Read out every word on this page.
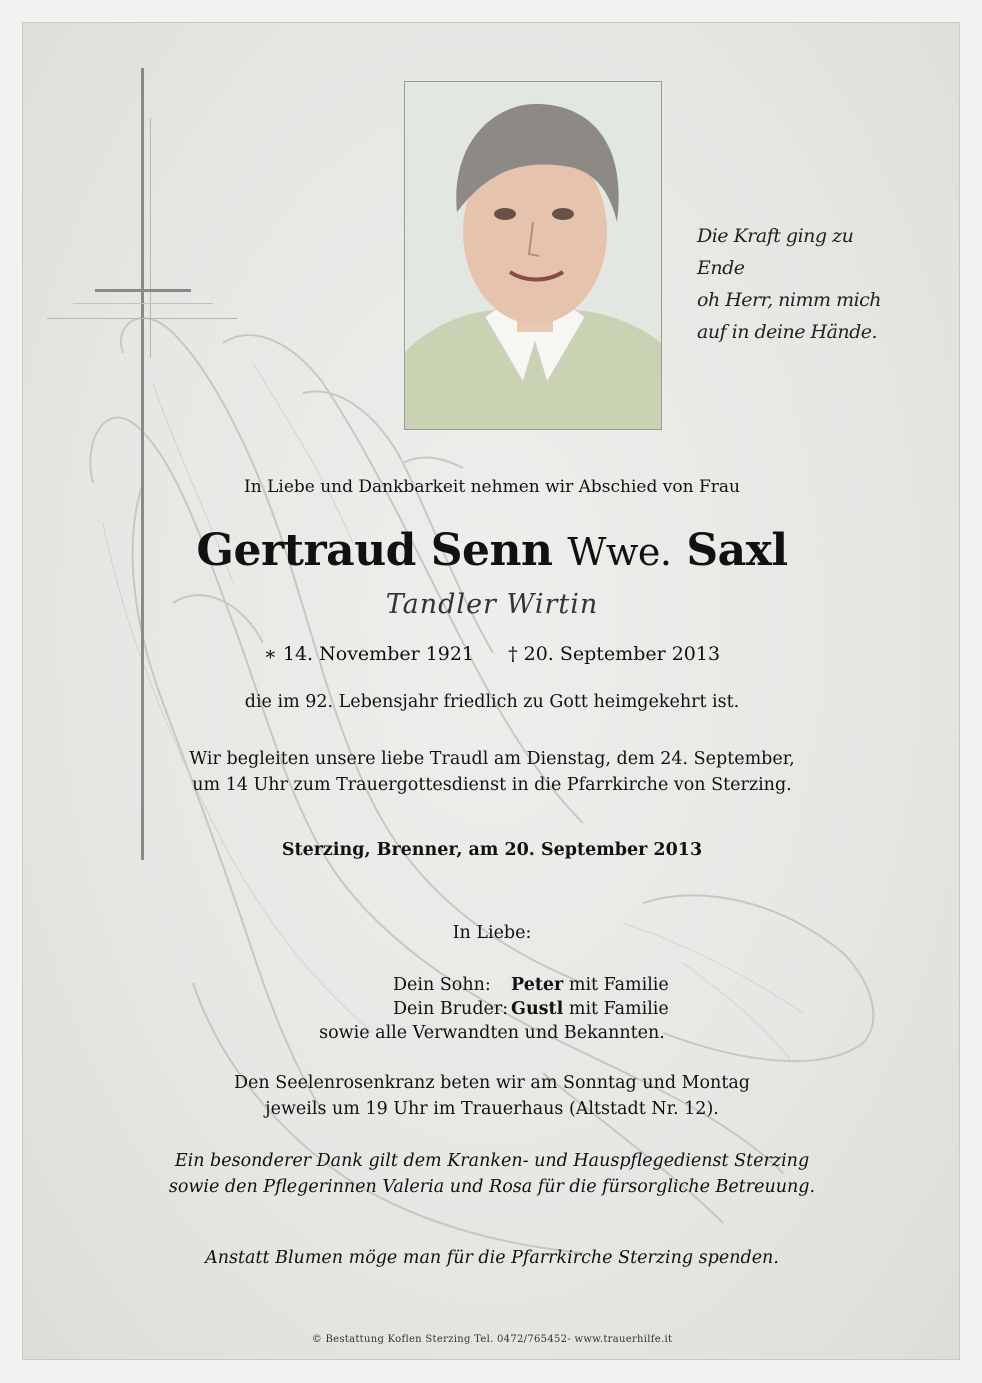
Die Kraft ging zu Ende
oh Herr, nimm mich
auf in deine Hände.
In Liebe und Dankbarkeit nehmen wir Abschied von Frau
Gertraud Senn Wwe. Saxl
Tandler Wirtin
∗ 14. November 1921 † 20. September 2013
die im 92. Lebensjahr friedlich zu Gott heimgekehrt ist.
Wir begleiten unsere liebe Traudl am Dienstag, dem 24. September,
um 14 Uhr zum Trauergottesdienst in die Pfarrkirche von Sterzing.
Sterzing, Brenner, am 20. September 2013
In Liebe:
Dein Sohn: Peter mit Familie
Dein Bruder: Gustl mit Familie
sowie alle Verwandten und Bekannten.
Den Seelenrosenkranz beten wir am Sonntag und Montag
jeweils um 19 Uhr im Trauerhaus (Altstadt Nr. 12).
Ein besonderer Dank gilt dem Kranken- und Hauspflegedienst Sterzing
sowie den Pflegerinnen Valeria und Rosa für die fürsorgliche Betreuung.
Anstatt Blumen möge man für die Pfarrkirche Sterzing spenden.
© Bestattung Koflen Sterzing Tel. 0472/765452- www.trauerhilfe.it
